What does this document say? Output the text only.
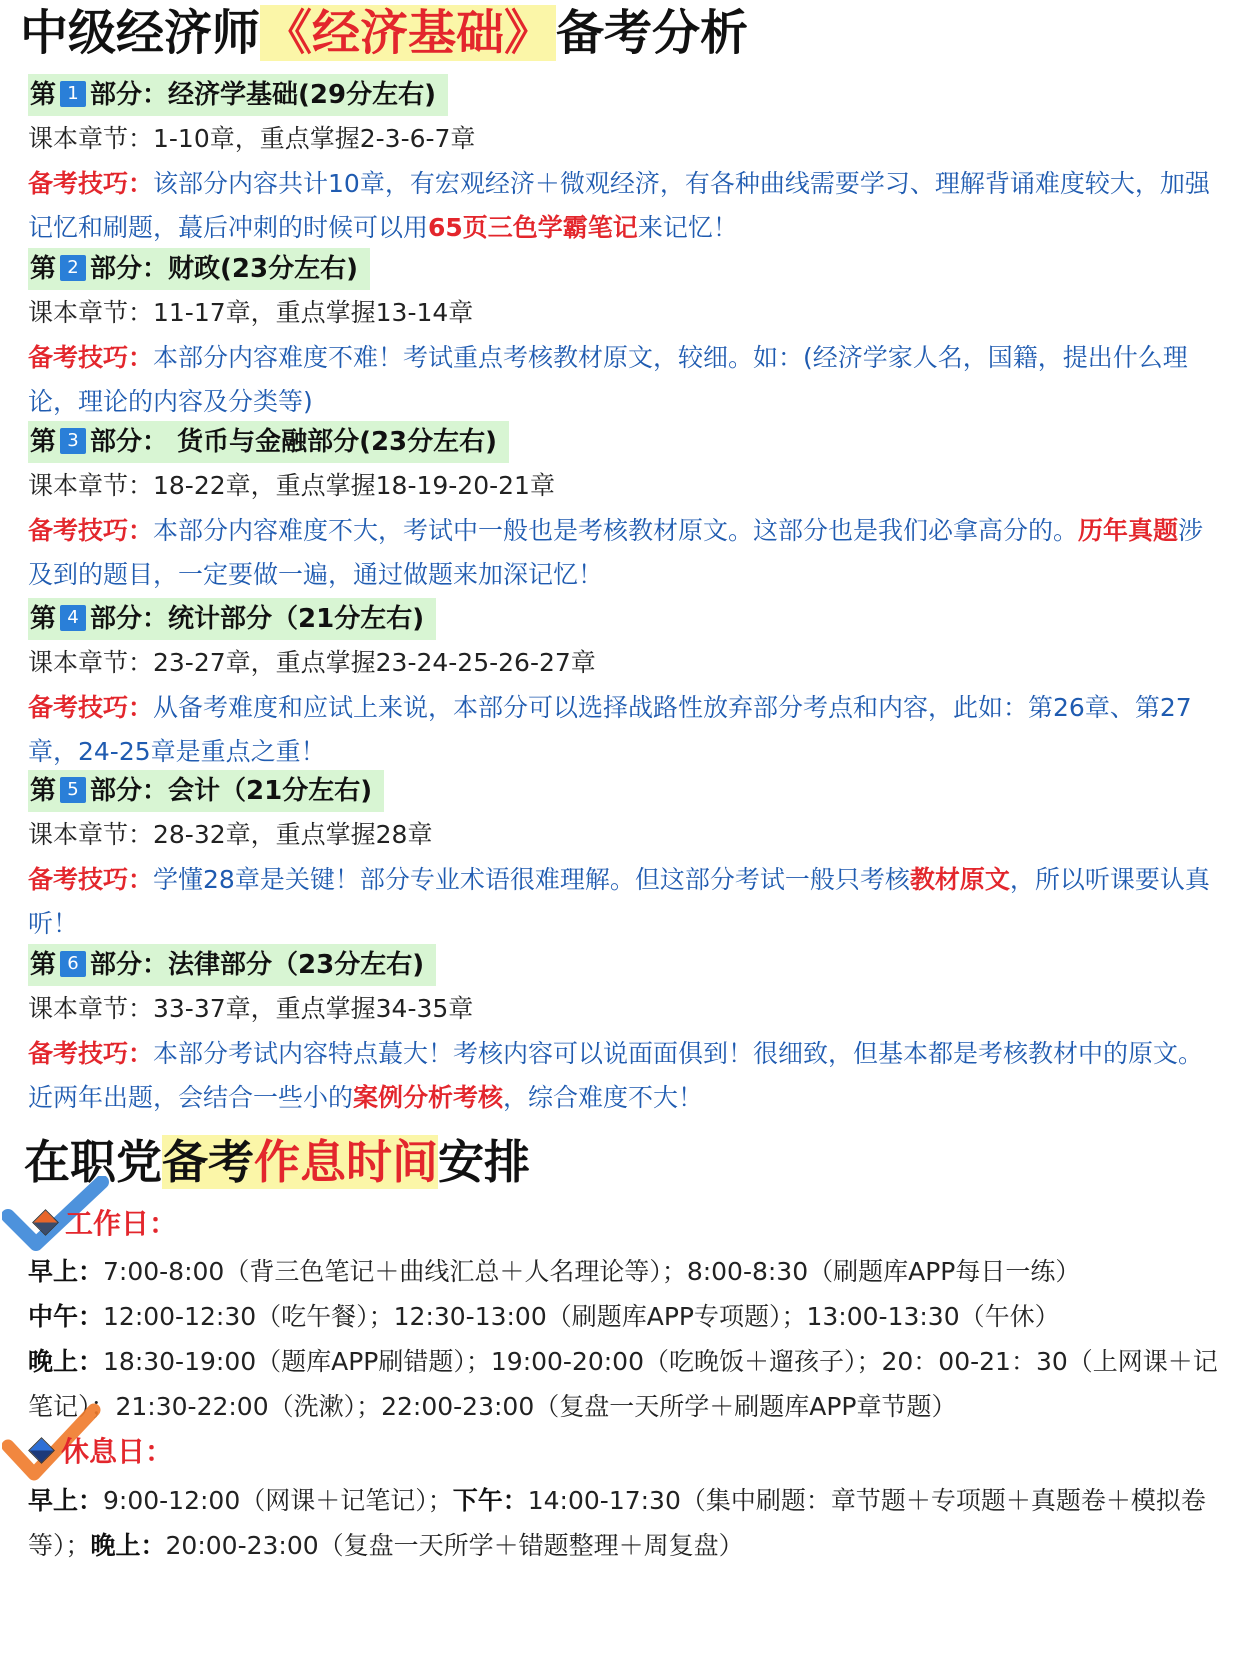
中级经济师《经济基础》备考分析
第 1 部分：经济学基础(29分左右)
课本章节：1-10章，重点掌握2-3-6-7章
备考技巧：该部分内容共计10章，有宏观经济＋微观经济，有各种曲线需要学习、理解背诵难度较大，加强记忆和刷题，蕞后冲刺的时候可以用65页三色学霸笔记来记忆！
第 2 部分：财政(23分左右)
课本章节：11-17章，重点掌握13-14章
备考技巧：本部分内容难度不难！考试重点考核教材原文，较细。如：(经济学家人名，国籍，提出什么理论，理论的内容及分类等)
第 3 部分： 货币与金融部分(23分左右)
课本章节：18-22章，重点掌握18-19-20-21章
备考技巧：本部分内容难度不大，考试中一般也是考核教材原文。这部分也是我们必拿高分的。历年真题涉及到的题目，一定要做一遍，通过做题来加深记忆！
第 4 部分：统计部分（21分左右)
课本章节：23-27章，重点掌握23-24-25-26-27章
备考技巧：从备考难度和应试上来说，本部分可以选择战路性放弃部分考点和内容，此如：第26章、第27章，24-25章是重点之重！
第 5 部分：会计（21分左右)
课本章节：28-32章，重点掌握28章
备考技巧：学懂28章是关键！部分专业术语很难理解。但这部分考试一般只考核教材原文，所以听课要认真听！
第 6 部分：法律部分（23分左右)
课本章节：33-37章，重点掌握34-35章
备考技巧：本部分考试内容特点蕞大！考核内容可以说面面俱到！很细致，但基本都是考核教材中的原文。近两年出题，会结合一些小的案例分析考核，综合难度不大！
在职党备考作息时间安排
工作日：
早上：7:00-8:00（背三色笔记＋曲线汇总＋人名理论等）；8:00-8:30（刷题库APP每日一练）
中午：12:00-12:30（吃午餐）；12:30-13:00（刷题库APP专项题）；13:00-13:30（午休）
晚上：18:30-19:00（题库APP刷错题）；19:00-20:00（吃晚饭＋遛孩子）；20：00-21：30（上网课＋记笔记）；21:30-22:00（洗漱）；22:00-23:00（复盘一天所学＋刷题库APP章节题）
休息日：
早上：9:00-12:00（网课＋记笔记）；下午：14:00-17:30（集中刷题：章节题＋专项题＋真题卷＋模拟卷等）；晚上：20:00-23:00（复盘一天所学＋错题整理＋周复盘）
